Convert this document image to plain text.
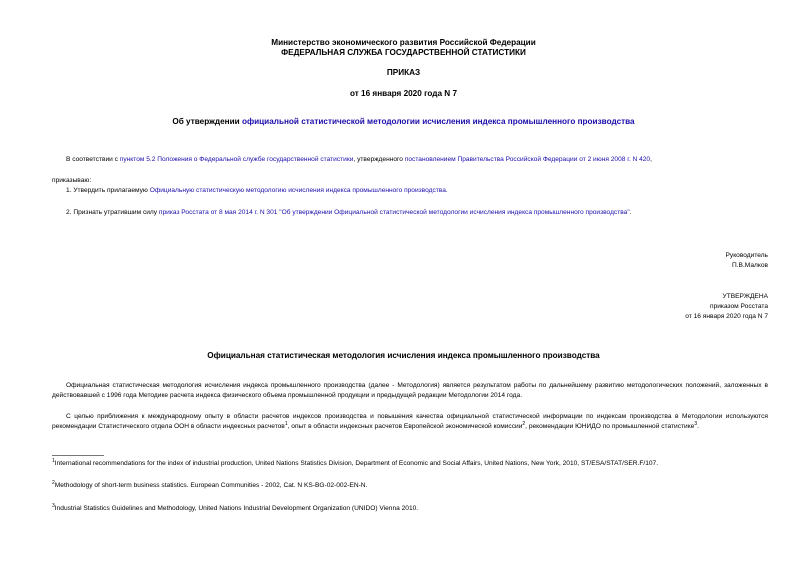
Министерство экономического развития Российской Федерации
ФЕДЕРАЛЬНАЯ СЛУЖБА ГОСУДАРСТВЕННОЙ СТАТИСТИКИ
ПРИКАЗ
от 16 января 2020 года N 7
Об утверждении официальной статистической методологии исчисления индекса промышленного производства
В соответствии с пунктом 5.2 Положения о Федеральной службе государственной статистики, утвержденного постановлением Правительства Российской Федерации от 2 июня 2008 г. N 420,
приказываю:
1. Утвердить прилагаемую Официальную статистическую методологию исчисления индекса промышленного производства.
2. Признать утратившим силу приказ Росстата от 8 мая 2014 г. N 301 "Об утверждении Официальной статистической методологии исчисления индекса промышленного производства".
Руководитель
П.В.Малков
УТВЕРЖДЕНА
приказом Росстата
от 16 января 2020 года N 7
Официальная статистическая методология исчисления индекса промышленного производства
Официальная статистическая методология исчисления индекса промышленного производства (далее - Методология) является результатом работы по дальнейшему развитию методологических положений, заложенных в действовавшей с 1996 года Методике расчета индекса физического объема промышленной продукции и предыдущей редакции Методологии 2014 года.
С целью приближения к международному опыту в области расчетов индексов производства и повышения качества официальной статистической информации по индексам производства в Методологии используются рекомендации Статистического отдела ООН в области индексных расчетов$^1$, опыт в области индексных расчетов Европейской экономической комиссии$^2$, рекомендации ЮНИДО по промышленной статистике$^3$.
$^1$International recommendations for the index of industrial production, United Nations Statistics Division, Department of Economic and Social Affairs, United Nations, New York, 2010, ST/ESA/STAT/SER.F/107.
$^2$Methodology of short-term business statistics. European Communities - 2002, Cat. N KS-BG-02-002-EN-N.
$^3$Industrial Statistics Guidelines and Methodology, United Nations Industrial Development Organization (UNIDO) Vienna 2010.
